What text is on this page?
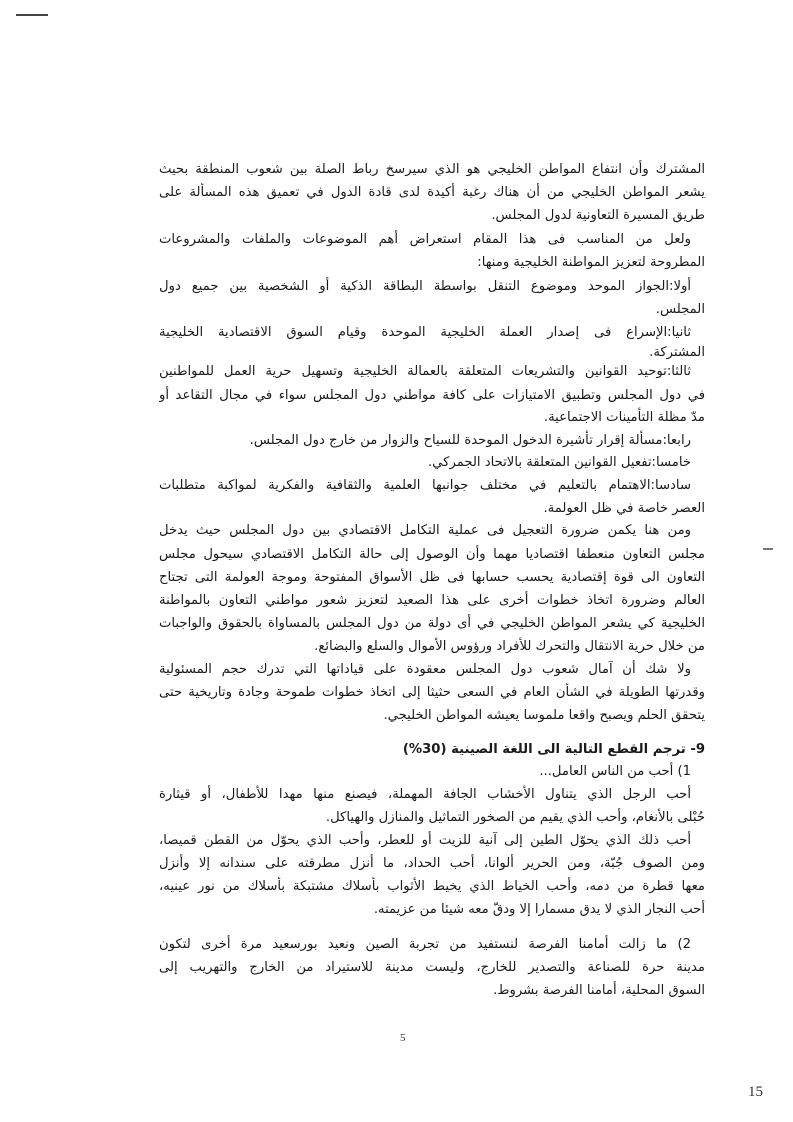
المشترك وأن انتفاع المواطن الخليجي هو الذي سيرسخ رباط الصلة بين شعوب المنطقة بحيث
يشعر المواطن الخليجي من أن هناك رغبة أكيدة لدى قادة الدول في تعميق هذه المسألة على
طريق المسيرة التعاونية لدول المجلس.
ولعل من المناسب فى هذا المقام استعراض أهم الموضوعات والملفات والمشروعات
المطروحة لتعزيز المواطنة الخليجية ومنها:
أولا:الجواز الموحد وموضوع التنقل بواسطة البطاقة الذكية أو الشخصية بين جميع دول
المجلس.
ثانيا:الإسراع فى إصدار العملة الخليجية الموحدة وقيام السوق الاقتصادية الخليجية
المشتركة.
ثالثا:توحيد القوانين والتشريعات المتعلقة بالعمالة الخليجية وتسهيل حرية العمل للمواطنين
في دول المجلس وتطبيق الامتيازات على كافة مواطني دول المجلس سواء في مجال التقاعد أو
مدّ مظلة التأمينات الاجتماعية.
رابعا:مسألة إقرار تأشيرة الدخول الموحدة للسياح والزوار من خارج دول المجلس.
خامسا:تفعيل القوانين المتعلقة بالاتحاد الجمركي.
سادسا:الاهتمام بالتعليم في مختلف جوانبها العلمية والثقافية والفكرية لمواكبة متطلبات
العصر خاصة في ظل العولمة.
ومن هنا يكمن ضرورة التعجيل فى عملية التكامل الاقتصادي بين دول المجلس حيث يدخل
مجلس التعاون منعطفا اقتصاديا مهما وأن الوصول إلى حالة التكامل الاقتصادي سيحول مجلس
التعاون الى قوة إقتصادية يحسب حسابها فى ظل الأسواق المفتوحة وموجة العولمة التى تجتاح
العالم وضرورة اتخاذ خطوات أخرى على هذا الصعيد لتعزيز شعور مواطني التعاون بالمواطنة
الخليجية كي يشعر المواطن الخليجي في أى دولة من دول المجلس بالمساواة بالحقوق والواجبات
من خلال حرية الانتقال والتحرك للأفراد ورؤوس الأموال والسلع والبضائع.
ولا شك أن آمال شعوب دول المجلس معقودة على قياداتها التي تدرك حجم المسئولية
وقدرتها الطويلة في الشأن العام في السعى حثيثا إلى اتخاذ خطوات طموحة وجادة وتاريخية حتى
يتحقق الحلم ويصبح واقعا ملموسا يعيشه المواطن الخليجي.
9- ترجم القطع التالية الى اللغة الصينية (30%)
1) أحب من الناس العامل...
أحب الرجل الذي يتناول الأخشاب الجافة المهملة، فيصنع منها مهدا للأطفال، أو قيثارة
حُبْلى بالأنغام، وأحب الذي يقيم من الصخور التماثيل والمنازل والهياكل.
أحب ذلك الذي يحوّل الطين إلى آنية للزيت أو للعطر، وأحب الذي يحوّل من القطن قميصا،
ومن الصوف جُبّة، ومن الحرير ألوانا، أحب الحداد، ما أنزل مطرقته على سندانه إلا وأنزل
معها قطرة من دمه، وأحب الخياط الذي يخيط الأثواب بأسلاك مشتبكة بأسلاك من نور عينيه،
أحب النجار الذي لا يدق مسمارا إلا ودقّ معه شيئا من عزيمته.
2) ما زالت أمامنا الفرصة لنستفيد من تجربة الصين ونعيد بورسعيد مرة أخرى لتكون
مدينة حرة للصناعة والتصدير للخارج، وليست مدينة للاستيراد من الخارج والتهريب إلى
السوق المحلية، أمامنا الفرصة بشروط.
5
15
